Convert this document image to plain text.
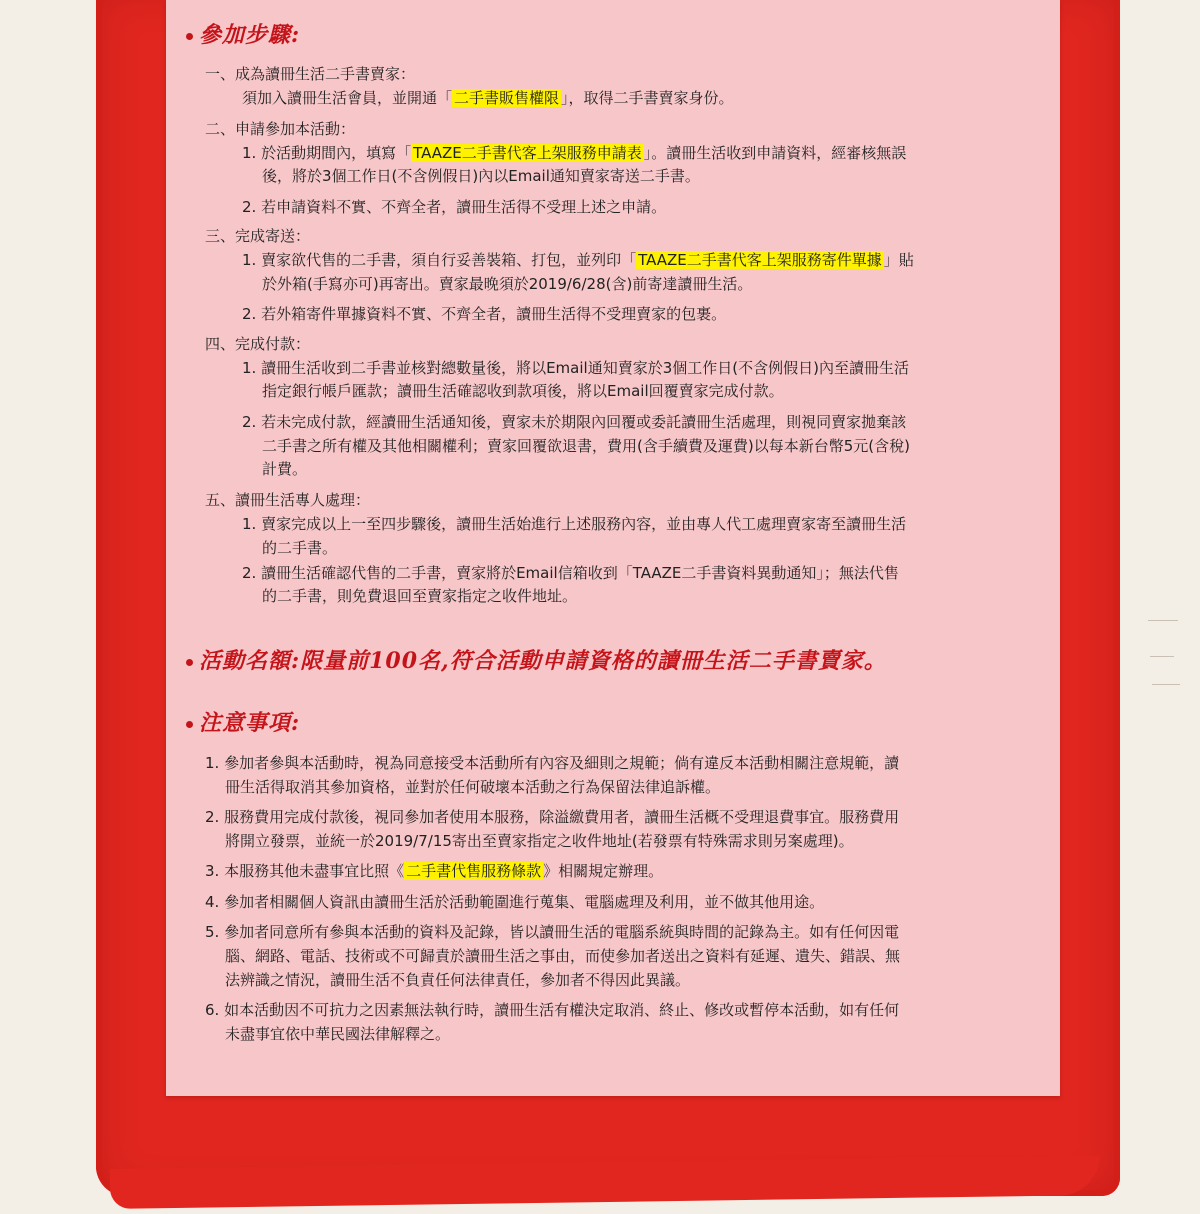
參加步驟:
一、成為讀冊生活二手書賣家：
須加入讀冊生活會員，並開通「 二手書販售權限 」，取得二手書賣家身份。
二、申請參加本活動：
1. 於活動期間內，填寫「 TAAZE二手書代客上架服務申請表 」。讀冊生活收到申請資料，經審核無誤
後，將於3個工作日(不含例假日)內以Email通知賣家寄送二手書。
2. 若申請資料不實、不齊全者，讀冊生活得不受理上述之申請。
三、完成寄送：
1. 賣家欲代售的二手書，須自行妥善裝箱、打包，並列印「 TAAZE二手書代客上架服務寄件單據 」貼
於外箱(手寫亦可)再寄出。賣家最晚須於2019/6/28(含)前寄達讀冊生活。
2. 若外箱寄件單據資料不實、不齊全者，讀冊生活得不受理賣家的包裹。
四、完成付款：
1. 讀冊生活收到二手書並核對總數量後，將以Email通知賣家於3個工作日(不含例假日)內至讀冊生活
指定銀行帳戶匯款；讀冊生活確認收到款項後，將以Email回覆賣家完成付款。
2. 若未完成付款，經讀冊生活通知後，賣家未於期限內回覆或委託讀冊生活處理，則視同賣家拋棄該
二手書之所有權及其他相關權利；賣家回覆欲退書，費用(含手續費及運費)以每本新台幣5元(含稅)
計費。
五、讀冊生活專人處理：
1. 賣家完成以上一至四步驟後，讀冊生活始進行上述服務內容，並由專人代工處理賣家寄至讀冊生活
的二手書。
2. 讀冊生活確認代售的二手書，賣家將於Email信箱收到「TAAZE二手書資料異動通知」；無法代售
的二手書，則免費退回至賣家指定之收件地址。
活動名額:限量前100名,符合活動申請資格的讀冊生活二手書賣家。
注意事項:
1. 參加者參與本活動時，視為同意接受本活動所有內容及細則之規範；倘有違反本活動相關注意規範，讀
冊生活得取消其參加資格，並對於任何破壞本活動之行為保留法律追訴權。
2. 服務費用完成付款後，視同參加者使用本服務，除溢繳費用者，讀冊生活概不受理退費事宜。服務費用
將開立發票，並統一於2019/7/15寄出至賣家指定之收件地址(若發票有特殊需求則另案處理)。
3. 本服務其他未盡事宜比照《 二手書代售服務條款 》相關規定辦理。
4. 參加者相關個人資訊由讀冊生活於活動範圍進行蒐集、電腦處理及利用，並不做其他用途。
5. 參加者同意所有參與本活動的資料及記錄，皆以讀冊生活的電腦系統與時間的記錄為主。如有任何因電
腦、網路、電話、技術或不可歸責於讀冊生活之事由，而使參加者送出之資料有延遲、遺失、錯誤、無
法辨識之情況，讀冊生活不負責任何法律責任，參加者不得因此異議。
6. 如本活動因不可抗力之因素無法執行時，讀冊生活有權決定取消、終止、修改或暫停本活動，如有任何
未盡事宜依中華民國法律解釋之。
